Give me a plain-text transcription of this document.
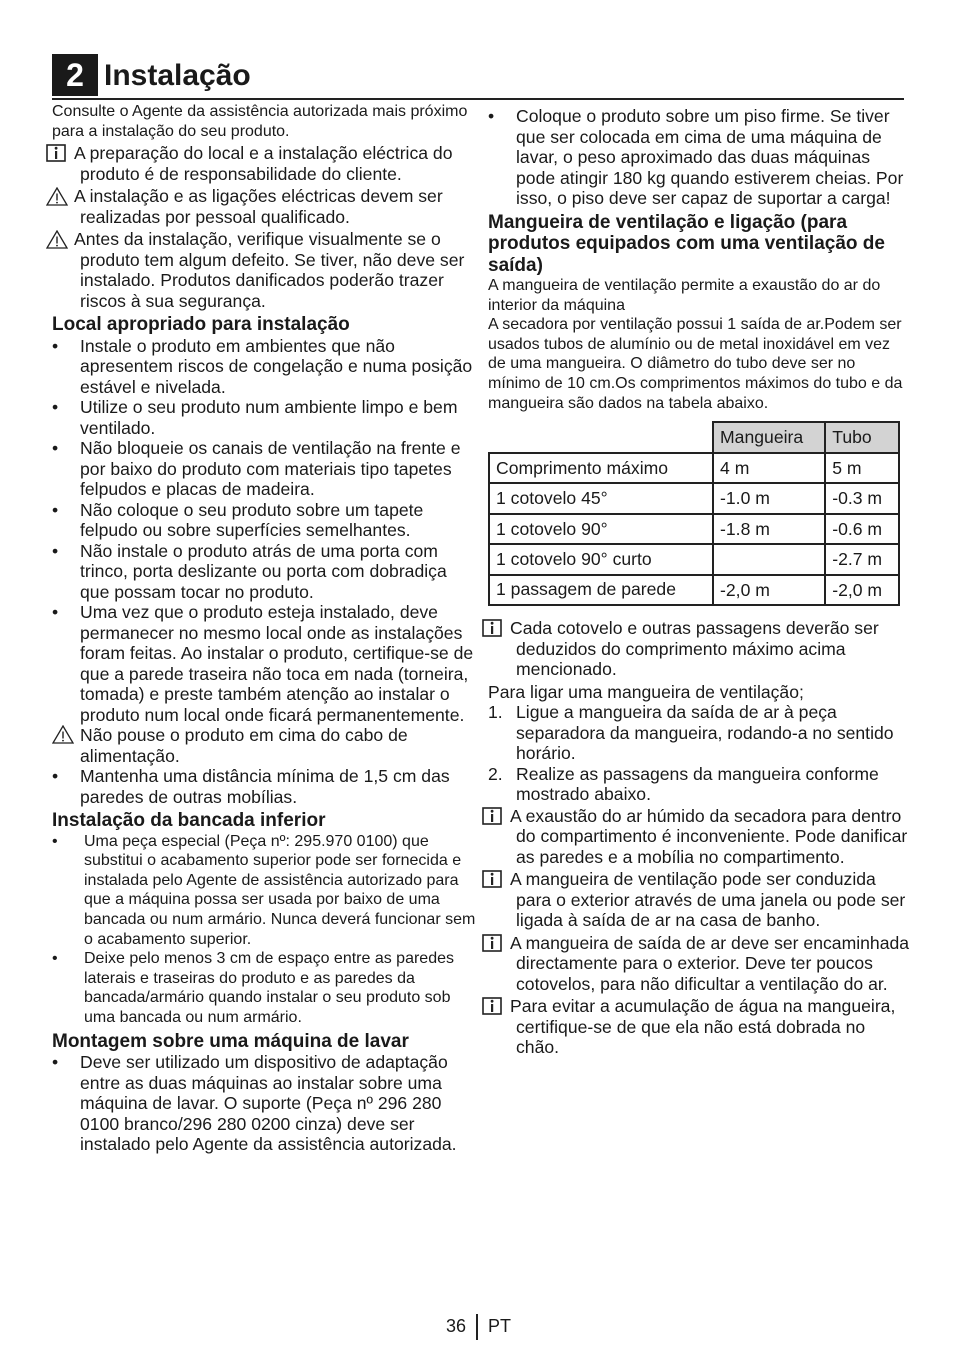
2 Instalação

Consulte o Agente da assistência autorizada mais próximo para a instalação do seu produto.

A preparação do local e a instalação eléctrica do produto é de responsabilidade do cliente.

A instalação e as ligações eléctricas devem ser realizadas por pessoal qualificado.

Antes da instalação, verifique visualmente se o produto tem algum defeito. Se tiver, não deve ser instalado. Produtos danificados poderão trazer riscos à sua segurança.

Local apropriado para instalação

• Instale o produto em ambientes que não apresentem riscos de congelação e numa posição estável e nivelada.

• Utilize o seu produto num ambiente limpo e bem ventilado.

• Não bloqueie os canais de ventilação na frente e por baixo do produto com materiais tipo tapetes felpudos e placas de madeira.

• Não coloque o seu produto sobre um tapete felpudo ou sobre superfícies semelhantes.

• Não instale o produto atrás de uma porta com trinco, porta deslizante ou porta com dobradiça que possam tocar no produto.

• Uma vez que o produto esteja instalado, deve permanecer no mesmo local onde as instalações foram feitas. Ao instalar o produto, certifique-se de que a parede traseira não toca em nada (torneira, tomada) e preste também atenção ao instalar o produto num local onde ficará permanentemente.

Não pouse o produto em cima do cabo de alimentação.

• Mantenha uma distância mínima de 1,5 cm das paredes de outras mobílias.

Instalação da bancada inferior

• Uma peça especial (Peça nº: 295.970 0100) que substitui o acabamento superior pode ser fornecida e instalada pelo Agente de assistência autorizado para que a máquina possa ser usada por baixo de uma bancada ou num armário. Nunca deverá funcionar sem o acabamento superior.

• Deixe pelo menos 3 cm de espaço entre as paredes laterais e traseiras do produto e as paredes da bancada/armário quando instalar o seu produto sob uma bancada ou num armário.

Montagem sobre uma máquina de lavar

• Deve ser utilizado um dispositivo de adaptação entre as duas máquinas ao instalar sobre uma máquina de lavar. O suporte (Peça nº 296 280 0100 branco/296 280 0200 cinza) deve ser instalado pelo Agente da assistência autorizada.

• Coloque o produto sobre um piso firme. Se tiver que ser colocada em cima de uma máquina de lavar, o peso aproximado das duas máquinas pode atingir 180 kg quando estiverem cheias. Por isso, o piso deve ser capaz de suportar a carga!

Mangueira de ventilação e ligação (para produtos equipados com uma ventilação de saída)

A mangueira de ventilação permite a exaustão do ar do interior da máquina

A secadora por ventilação possui 1 saída de ar.Podem ser usados tubos de alumínio ou de metal inoxidável em vez de uma mangueira. O diâmetro do tubo deve ser no mínimo de 10 cm.Os comprimentos máximos do tubo e da mangueira são dados na tabela abaixo.

	Mangueira	Tubo
Comprimento máximo	4 m	5 m
1 cotovelo 45°	-1.0 m	-0.3 m
1 cotovelo 90°	-1.8 m	-0.6 m
1 cotovelo 90° curto		-2.7 m
1 passagem de parede	-2,0 m	-2,0 m

Cada cotovelo e outras passagens deverão ser deduzidos do comprimento máximo acima mencionado.

Para ligar uma mangueira de ventilação;

1. Ligue a mangueira da saída de ar à peça separadora da mangueira, rodando-a no sentido horário.

2. Realize as passagens da mangueira conforme mostrado abaixo.

A exaustão do ar húmido da secadora para dentro do compartimento é inconveniente. Pode danificar as paredes e a mobília no compartimento.

A mangueira de ventilação pode ser conduzida para o exterior através de uma janela ou pode ser ligada à saída de ar na casa de banho.

A mangueira de saída de ar deve ser encaminhada directamente para o exterior. Deve ter poucos cotovelos, para não dificultar a ventilação do ar.

Para evitar a acumulação de água na mangueira, certifique-se de que ela não está dobrada no chão.

36 PT
